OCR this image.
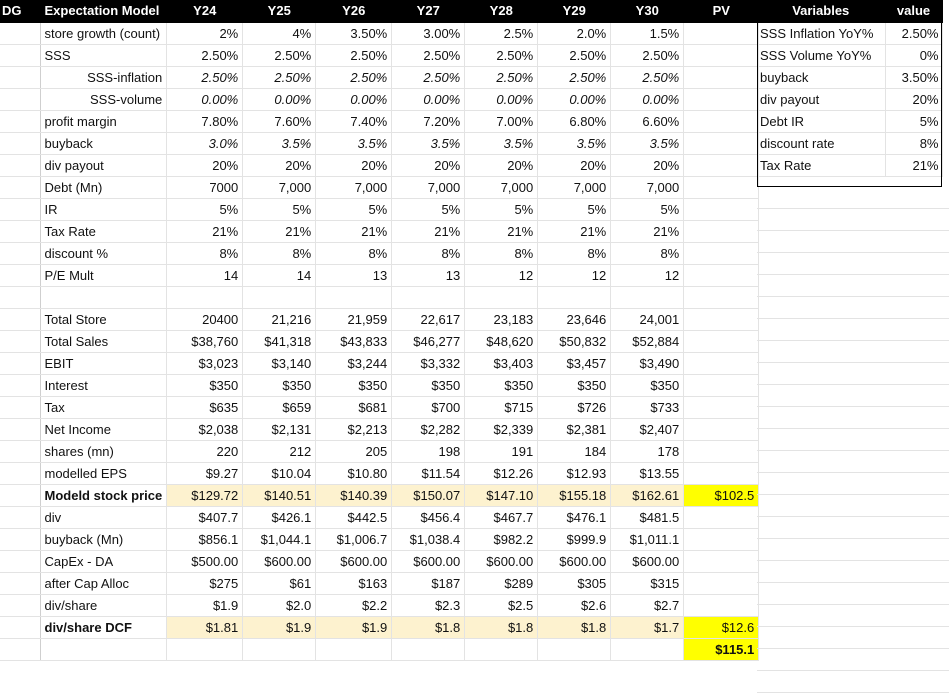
DG	Expectation Model	Y24	Y25	Y26	Y27	Y28	Y29	Y30	PV
	store growth (count)	2%	4%	3.50%	3.00%	2.5%	2.0%	1.5%	
	SSS	2.50%	2.50%	2.50%	2.50%	2.50%	2.50%	2.50%	
	SSS-inflation	2.50%	2.50%	2.50%	2.50%	2.50%	2.50%	2.50%	
	SSS-volume	0.00%	0.00%	0.00%	0.00%	0.00%	0.00%	0.00%	
	profit margin	7.80%	7.60%	7.40%	7.20%	7.00%	6.80%	6.60%	
	buyback	3.0%	3.5%	3.5%	3.5%	3.5%	3.5%	3.5%	
	div payout	20%	20%	20%	20%	20%	20%	20%	
	Debt (Mn)	7000	7,000	7,000	7,000	7,000	7,000	7,000	
	IR	5%	5%	5%	5%	5%	5%	5%	
	Tax Rate	21%	21%	21%	21%	21%	21%	21%	
	discount %	8%	8%	8%	8%	8%	8%	8%	
	P/E Mult	14	14	13	13	12	12	12	

	Total Store	20400	21,216	21,959	22,617	23,183	23,646	24,001	
	Total Sales	$38,760	$41,318	$43,833	$46,277	$48,620	$50,832	$52,884	
	EBIT	$3,023	$3,140	$3,244	$3,332	$3,403	$3,457	$3,490	
	Interest	$350	$350	$350	$350	$350	$350	$350	
	Tax	$635	$659	$681	$700	$715	$726	$733	
	Net Income	$2,038	$2,131	$2,213	$2,282	$2,339	$2,381	$2,407	
	shares (mn)	220	212	205	198	191	184	178	
	modelled EPS	$9.27	$10.04	$10.80	$11.54	$12.26	$12.93	$13.55	
	Modeld stock price	$129.72	$140.51	$140.39	$150.07	$147.10	$155.18	$162.61	$102.5
	div	$407.7	$426.1	$442.5	$456.4	$467.7	$476.1	$481.5	
	buyback (Mn)	$856.1	$1,044.1	$1,006.7	$1,038.4	$982.2	$999.9	$1,011.1	
	CapEx - DA	$500.00	$600.00	$600.00	$600.00	$600.00	$600.00	$600.00	
	after Cap Alloc	$275	$61	$163	$187	$289	$305	$315	
	div/share	$1.9	$2.0	$2.2	$2.3	$2.5	$2.6	$2.7	
	div/share DCF	$1.81	$1.9	$1.9	$1.8	$1.8	$1.8	$1.7	$12.6
									$115.1
Variables	value
SSS Inflation YoY%	2.50%
SSS Volume YoY%	0%
buyback	3.50%
div payout	20%
Debt IR	5%
discount rate	8%
Tax Rate	21%
